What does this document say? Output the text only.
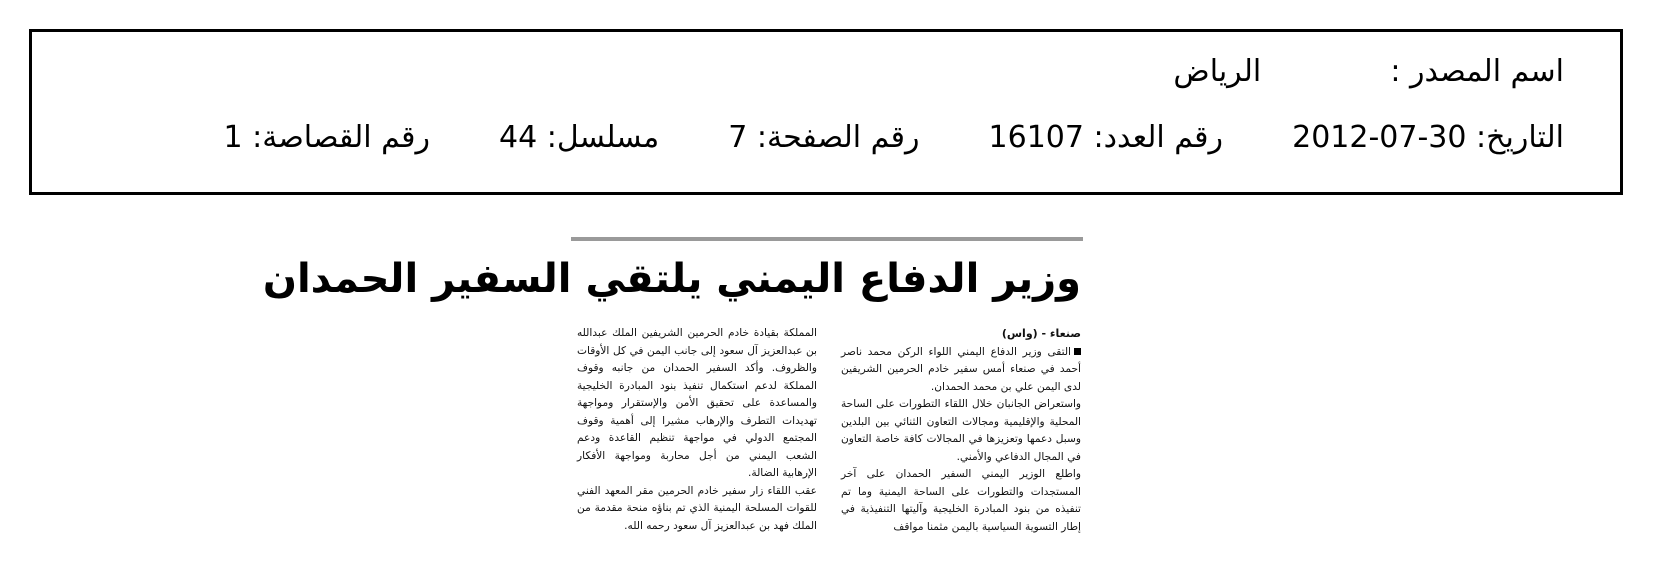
اسم المصدر :  الرياض
التاريخ: 2012-07-30  رقم العدد: 16107  رقم الصفحة: 7  مسلسل: 44  رقم القصاصة: 1
وزير الدفاع اليمني يلتقي السفير الحمدان

صنعاء - (واس)

التقى وزير الدفاع اليمني اللواء الركن محمد ناصر أحمد في صنعاء أمس سفير خادم الحرمين الشريفين لدى اليمن علي بن محمد الحمدان.

واستعراض الجانبان خلال اللقاء التطورات على الساحة المحلية والإقليمية ومجالات التعاون الثنائي بين البلدين وسبل دعمها وتعزيزها في المجالات كافة خاصة التعاون في المجال الدفاعي والأمني.

واطلع الوزير اليمني السفير الحمدان على آخر المستجدات والتطورات على الساحة اليمنية وما تم تنفيذه من بنود المبادرة الخليجية وآليتها التنفيذية في إطار التسوية السياسية باليمن مثمنا مواقف

المملكة بقيادة خادم الحرمين الشريفين الملك عبدالله بن عبدالعزيز آل سعود إلى جانب اليمن في كل الأوقات والظروف. وأكد السفير الحمدان من جانبه وقوف المملكة لدعم استكمال تنفيذ بنود المبادرة الخليجية والمساعدة على تحقيق الأمن والإستقرار ومواجهة تهديدات التطرف والإرهاب مشيرا إلى أهمية وقوف المجتمع الدولي في مواجهة تنظيم القاعدة ودعم الشعب اليمني من أجل محاربة ومواجهة الأفكار الإرهابية الضالة.

عقب اللقاء زار سفير خادم الحرمين مقر المعهد الفني للقوات المسلحة اليمنية الذي تم بناؤه منحة مقدمة من الملك فهد بن عبدالعزيز آل سعود رحمه الله.
